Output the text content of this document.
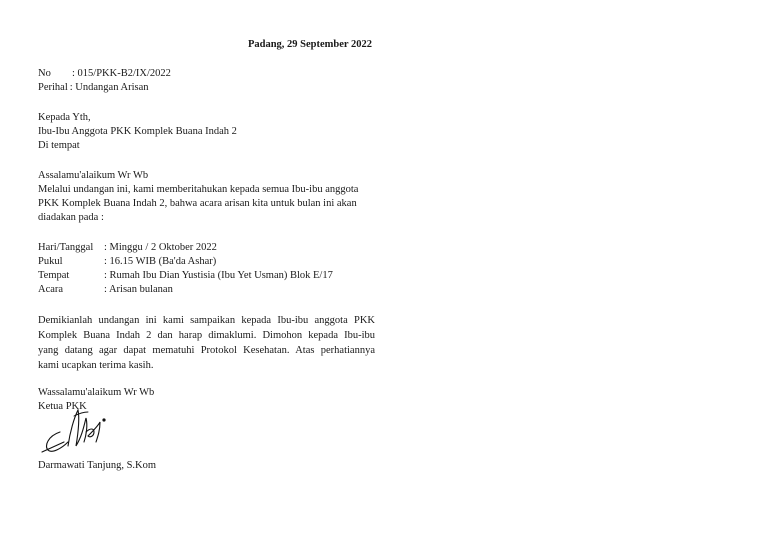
Padang, 29 September 2022
No	: 015/PKK-B2/IX/2022
Perihal : Undangan Arisan
Kepada Yth,
Ibu-Ibu Anggota PKK Komplek Buana Indah 2
Di tempat
Assalamu'alaikum Wr Wb
Melalui undangan ini, kami memberitahukan kepada semua Ibu-ibu anggota
PKK Komplek Buana Indah 2, bahwa acara arisan kita untuk bulan ini akan
diadakan pada :
Hari/Tanggal	: Minggu / 2 Oktober 2022
Pukul	: 16.15 WIB (Ba'da Ashar)
Tempat	: Rumah Ibu Dian Yustisia (Ibu Yet Usman) Blok E/17
Acara	: Arisan bulanan
Demikianlah undangan ini kami sampaikan kepada Ibu-ibu anggota PKK
Komplek Buana Indah 2 dan harap dimaklumi. Dimohon kepada Ibu-ibu
yang datang agar dapat mematuhi Protokol Kesehatan. Atas perhatiannya
kami ucapkan terima kasih.
Wassalamu'alaikum Wr Wb
Ketua PKK
Darmawati Tanjung, S.Kom
